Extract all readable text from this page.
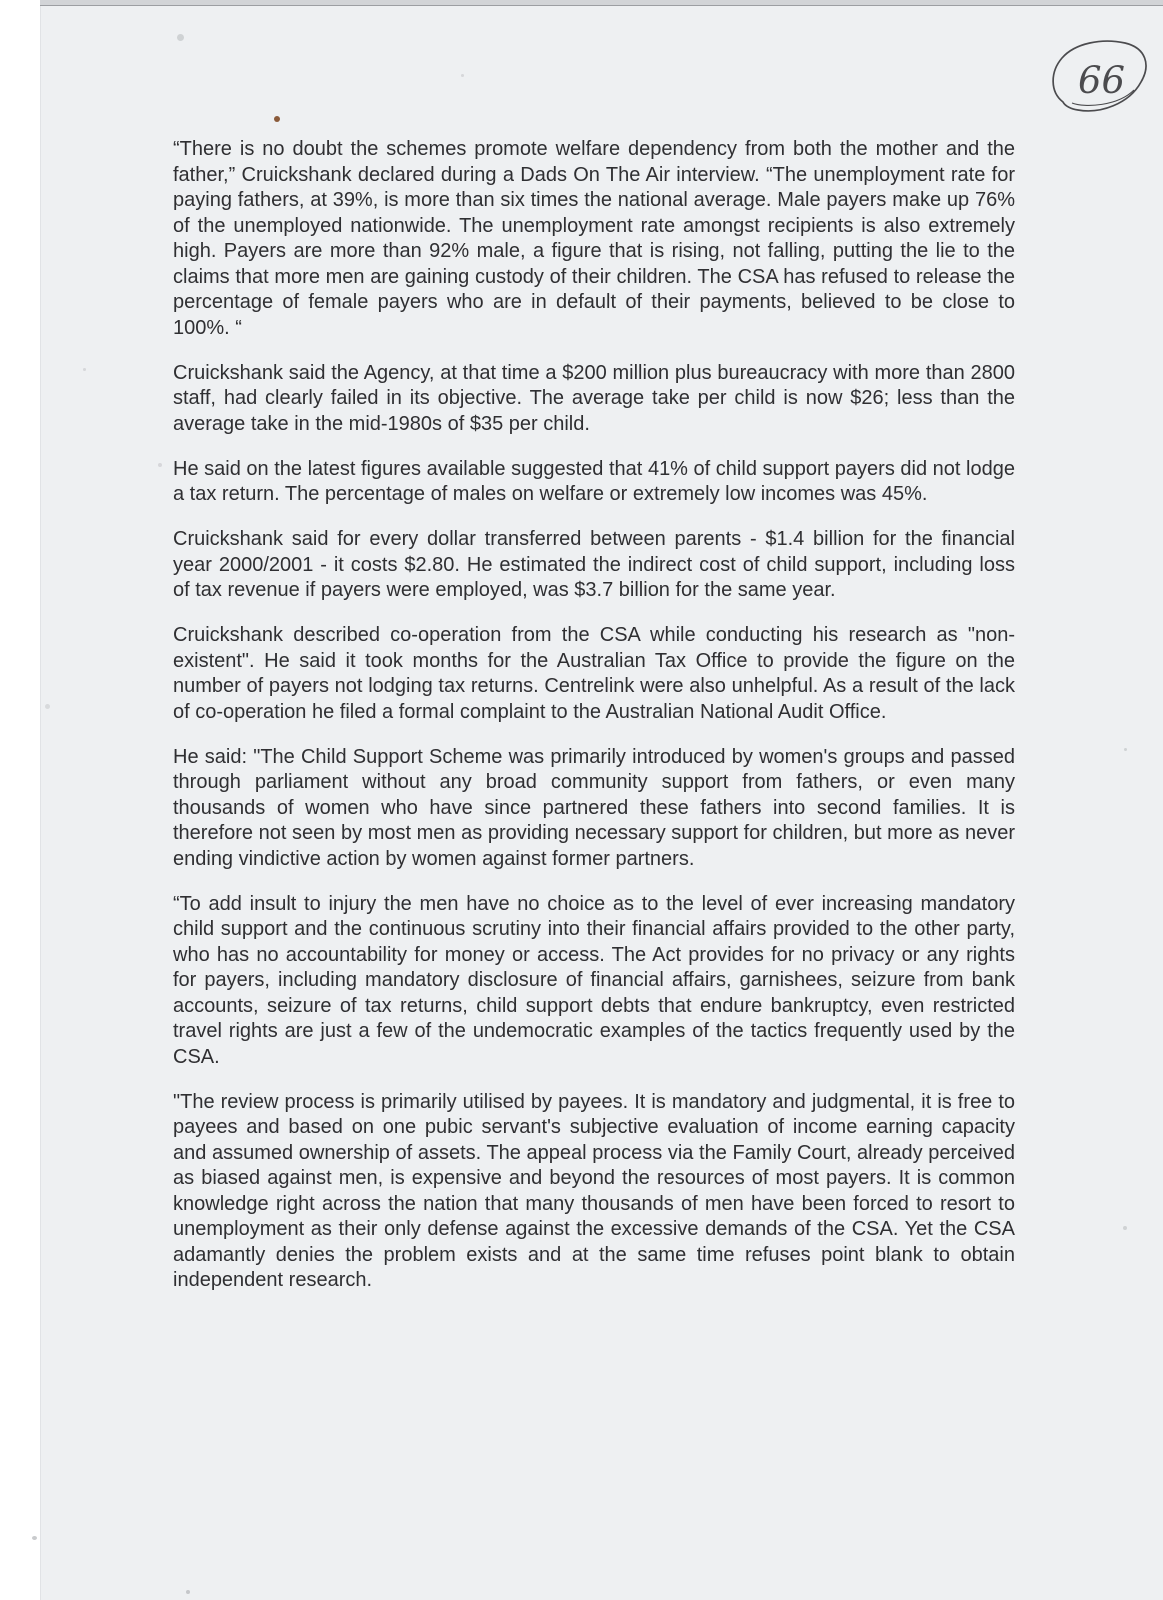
66

“There is no doubt the schemes promote welfare dependency from both the mother and the father,” Cruickshank declared during a Dads On The Air interview. “The unemployment rate for paying fathers, at 39%, is more than six times the national average. Male payers make up 76% of the unemployed nationwide. The unemployment rate amongst recipients is also extremely high. Payers are more than 92% male, a figure that is rising, not falling, putting the lie to the claims that more men are gaining custody of their children. The CSA has refused to release the percentage of female payers who are in default of their payments, believed to be close to 100%. “

Cruickshank said the Agency, at that time a $200 million plus bureaucracy with more than 2800 staff, had clearly failed in its objective. The average take per child is now $26; less than the average take in the mid-1980s of $35 per child.

He said on the latest figures available suggested that 41% of child support payers did not lodge a tax return. The percentage of males on welfare or extremely low incomes was 45%.

Cruickshank said for every dollar transferred between parents - $1.4 billion for the financial year 2000/2001 - it costs $2.80. He estimated the indirect cost of child support, including loss of tax revenue if payers were employed, was $3.7 billion for the same year.

Cruickshank described co-operation from the CSA while conducting his research as "non-existent". He said it took months for the Australian Tax Office to provide the figure on the number of payers not lodging tax returns. Centrelink were also unhelpful. As a result of the lack of co-operation he filed a formal complaint to the Australian National Audit Office.

He said: "The Child Support Scheme was primarily introduced by women's groups and passed through parliament without any broad community support from fathers, or even many thousands of women who have since partnered these fathers into second families. It is therefore not seen by most men as providing necessary support for children, but more as never ending vindictive action by women against former partners.

“To add insult to injury the men have no choice as to the level of ever increasing mandatory child support and the continuous scrutiny into their financial affairs provided to the other party, who has no accountability for money or access. The Act provides for no privacy or any rights for payers, including mandatory disclosure of financial affairs, garnishees, seizure from bank accounts, seizure of tax returns, child support debts that endure bankruptcy, even restricted travel rights are just a few of the undemocratic examples of the tactics frequently used by the CSA.

"The review process is primarily utilised by payees. It is mandatory and judgmental, it is free to payees and based on one pubic servant's subjective evaluation of income earning capacity and assumed ownership of assets. The appeal process via the Family Court, already perceived as biased against men, is expensive and beyond the resources of most payers. It is common knowledge right across the nation that many thousands of men have been forced to resort to unemployment as their only defense against the excessive demands of the CSA. Yet the CSA adamantly denies the problem exists and at the same time refuses point blank to obtain independent research.
